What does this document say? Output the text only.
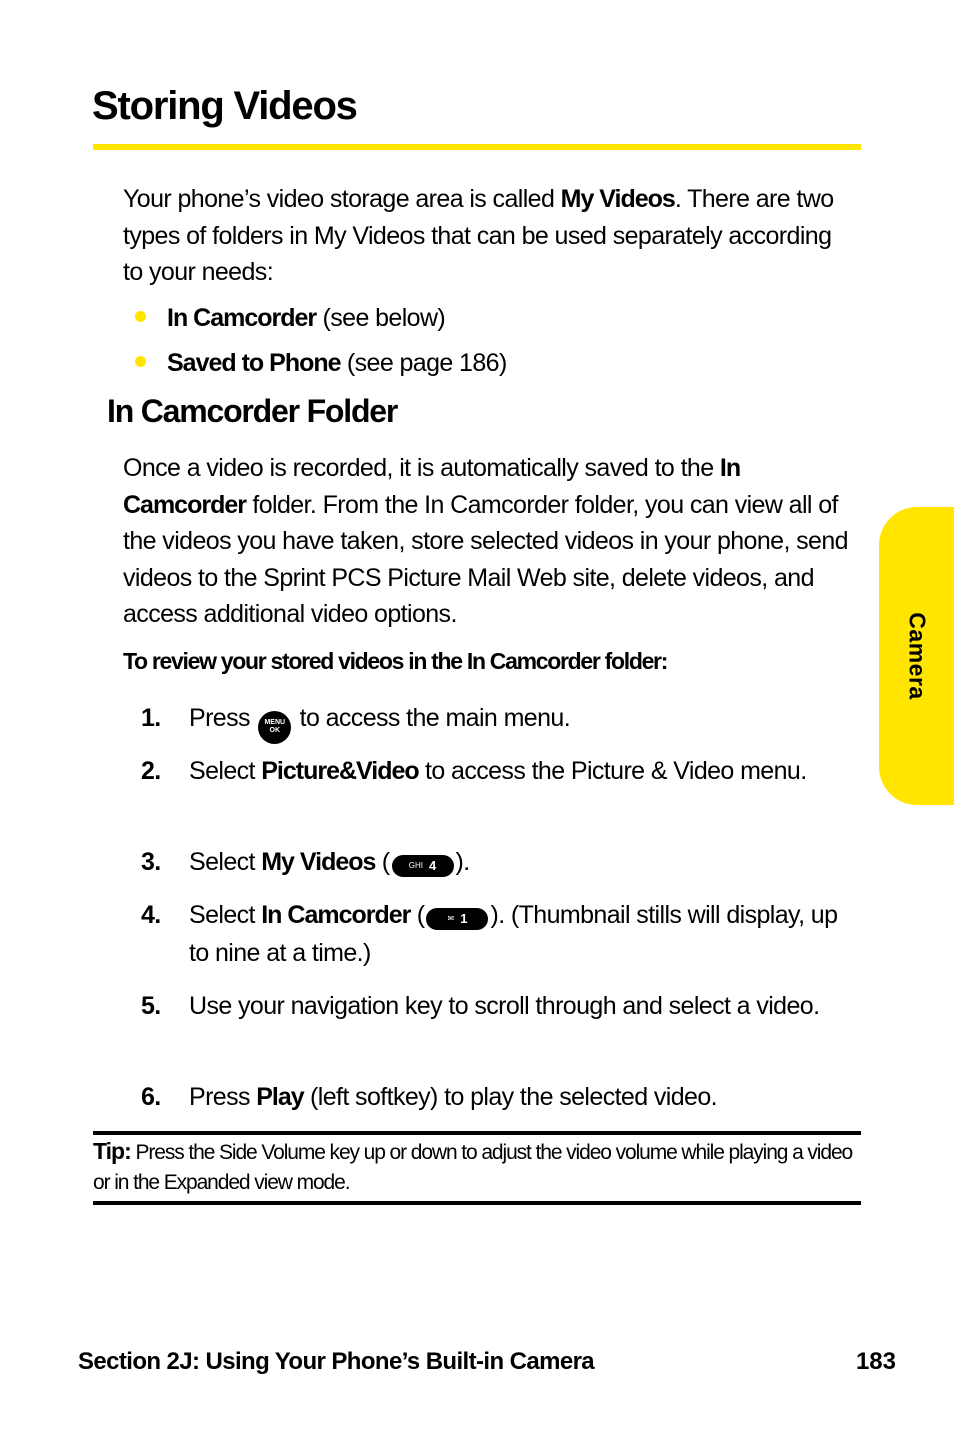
Storing Videos

Your phone’s video storage area is called My Videos. There are two types of folders in My Videos that can be used separately according to your needs:

In Camcorder (see below)
Saved to Phone (see page 186)
In Camcorder Folder

Once a video is recorded, it is automatically saved to the In Camcorder folder. From the In Camcorder folder, you can view all of the videos you have taken, store selected videos in your phone, send videos to the Sprint PCS Picture Mail Web site, delete videos, and access additional video options.

To review your stored videos in the In Camcorder folder:

1. Press MENU
OK to access the main menu.
2. Select Picture&Video to access the Picture & Video menu.
3. Select My Videos ( GHI 4 ).
4. Select In Camcorder (	✉ 1 ). (Thumbnail stills will display, up to nine at a time.)
5. Use your navigation key to scroll through and select a video.
6. Press Play (left softkey) to play the selected video.

Tip: Press the Side Volume key up or down to adjust the video volume while playing a video or in the Expanded view mode.

Camera
Section 2J: Using Your Phone’s Built-in Camera	183
